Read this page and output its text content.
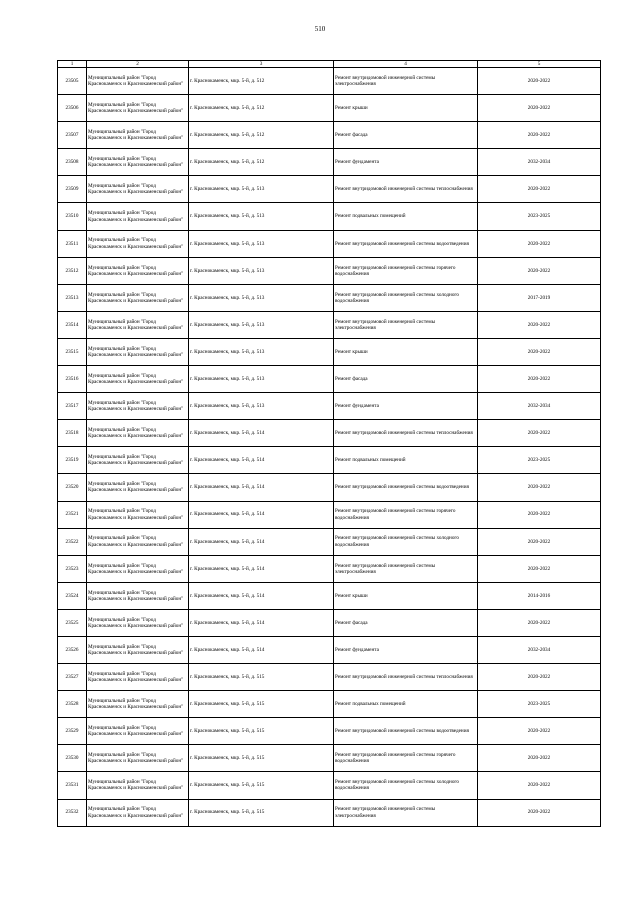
510
1	2	3	4	5
23505	Муниципальный район "Город Краснокаменск и Краснокаменский район"	г. Краснокаменск, мкр. 5-й, д. 512	Ремонт внутридомовой инженерной системы электроснабжения	2020-2022
23506	Муниципальный район "Город Краснокаменск и Краснокаменский район"	г. Краснокаменск, мкр. 5-й, д. 512	Ремонт крыши	2020-2022
23507	Муниципальный район "Город Краснокаменск и Краснокаменский район"	г. Краснокаменск, мкр. 5-й, д. 512	Ремонт фасада	2020-2022
23508	Муниципальный район "Город Краснокаменск и Краснокаменский район"	г. Краснокаменск, мкр. 5-й, д. 512	Ремонт фундамента	2032-2034
23509	Муниципальный район "Город Краснокаменск и Краснокаменский район"	г. Краснокаменск, мкр. 5-й, д. 513	Ремонт внутридомовой инженерной системы теплоснабжения	2020-2022
23510	Муниципальный район "Город Краснокаменск и Краснокаменский район"	г. Краснокаменск, мкр. 5-й, д. 513	Ремонт подвальных помещений	2023-2025
23511	Муниципальный район "Город Краснокаменск и Краснокаменский район"	г. Краснокаменск, мкр. 5-й, д. 513	Ремонт внутридомовой инженерной системы водоотведения	2020-2022
23512	Муниципальный район "Город Краснокаменск и Краснокаменский район"	г. Краснокаменск, мкр. 5-й, д. 513	Ремонт внутридомовой инженерной системы горячего водоснабжения	2020-2022
23513	Муниципальный район "Город Краснокаменск и Краснокаменский район"	г. Краснокаменск, мкр. 5-й, д. 513	Ремонт внутридомовой инженерной системы холодного водоснабжения	2017-2019
23514	Муниципальный район "Город Краснокаменск и Краснокаменский район"	г. Краснокаменск, мкр. 5-й, д. 513	Ремонт внутридомовой инженерной системы электроснабжения	2020-2022
23515	Муниципальный район "Город Краснокаменск и Краснокаменский район"	г. Краснокаменск, мкр. 5-й, д. 513	Ремонт крыши	2020-2022
23516	Муниципальный район "Город Краснокаменск и Краснокаменский район"	г. Краснокаменск, мкр. 5-й, д. 513	Ремонт фасада	2020-2022
23517	Муниципальный район "Город Краснокаменск и Краснокаменский район"	г. Краснокаменск, мкр. 5-й, д. 513	Ремонт фундамента	2032-2034
23518	Муниципальный район "Город Краснокаменск и Краснокаменский район"	г. Краснокаменск, мкр. 5-й, д. 514	Ремонт внутридомовой инженерной системы теплоснабжения	2020-2022
23519	Муниципальный район "Город Краснокаменск и Краснокаменский район"	г. Краснокаменск, мкр. 5-й, д. 514	Ремонт подвальных помещений	2023-2025
23520	Муниципальный район "Город Краснокаменск и Краснокаменский район"	г. Краснокаменск, мкр. 5-й, д. 514	Ремонт внутридомовой инженерной системы водоотведения	2020-2022
23521	Муниципальный район "Город Краснокаменск и Краснокаменский район"	г. Краснокаменск, мкр. 5-й, д. 514	Ремонт внутридомовой инженерной системы горячего водоснабжения	2020-2022
23522	Муниципальный район "Город Краснокаменск и Краснокаменский район"	г. Краснокаменск, мкр. 5-й, д. 514	Ремонт внутридомовой инженерной системы холодного водоснабжения	2020-2022
23523	Муниципальный район "Город Краснокаменск и Краснокаменский район"	г. Краснокаменск, мкр. 5-й, д. 514	Ремонт внутридомовой инженерной системы электроснабжения	2020-2022
23524	Муниципальный район "Город Краснокаменск и Краснокаменский район"	г. Краснокаменск, мкр. 5-й, д. 514	Ремонт крыши	2014-2016
23525	Муниципальный район "Город Краснокаменск и Краснокаменский район"	г. Краснокаменск, мкр. 5-й, д. 514	Ремонт фасада	2020-2022
23526	Муниципальный район "Город Краснокаменск и Краснокаменский район"	г. Краснокаменск, мкр. 5-й, д. 514	Ремонт фундамента	2032-2034
23527	Муниципальный район "Город Краснокаменск и Краснокаменский район"	г. Краснокаменск, мкр. 5-й, д. 515	Ремонт внутридомовой инженерной системы теплоснабжения	2020-2022
23528	Муниципальный район "Город Краснокаменск и Краснокаменский район"	г. Краснокаменск, мкр. 5-й, д. 515	Ремонт подвальных помещений	2023-2025
23529	Муниципальный район "Город Краснокаменск и Краснокаменский район"	г. Краснокаменск, мкр. 5-й, д. 515	Ремонт внутридомовой инженерной системы водоотведения	2020-2022
23530	Муниципальный район "Город Краснокаменск и Краснокаменский район"	г. Краснокаменск, мкр. 5-й, д. 515	Ремонт внутридомовой инженерной системы горячего водоснабжения	2020-2022
23531	Муниципальный район "Город Краснокаменск и Краснокаменский район"	г. Краснокаменск, мкр. 5-й, д. 515	Ремонт внутридомовой инженерной системы холодного водоснабжения	2020-2022
23532	Муниципальный район "Город Краснокаменск и Краснокаменский район"	г. Краснокаменск, мкр. 5-й, д. 515	Ремонт внутридомовой инженерной системы электроснабжения	2020-2022
